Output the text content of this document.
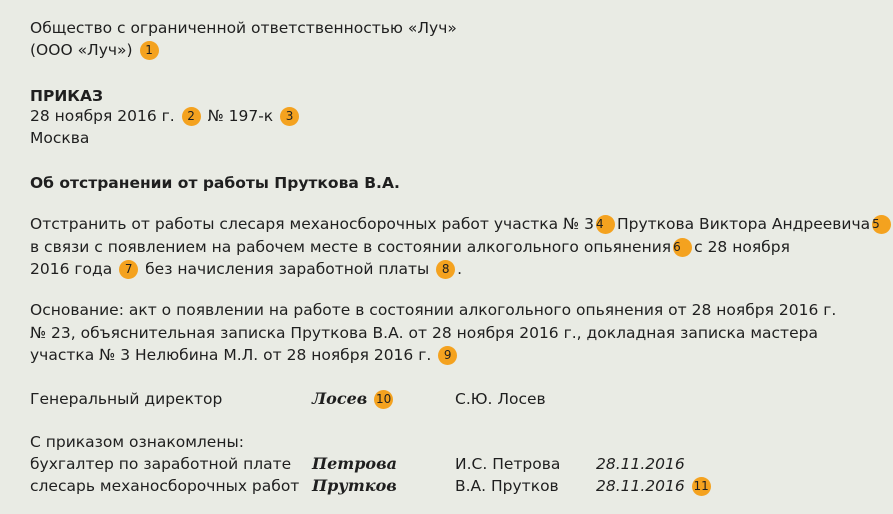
Общество с ограниченной ответственностью «Луч»
(ООО «Луч») 1
ПРИКАЗ
28 ноября 2016 г. 2 № 197-к 3
Москва
Об отстранении от работы Пруткова В.А.
Отстранить от работы слесаря механосборочных работ участка № 3 4 Пруткова Виктора Андреевича 5
в связи с появлением на рабочем месте в состоянии алкогольного опьянения 6 с 28 ноября
2016 года 7 без начисления заработной платы 8 .
Основание: акт о появлении на работе в состоянии алкогольного опьянения от 28 ноября 2016 г.
№ 23, объяснительная записка Пруткова В.А. от 28 ноября 2016 г., докладная записка мастера
участка № 3 Нелюбина М.Л. от 28 ноября 2016 г. 9
Генеральный директор	Лосев 10	С.Ю. Лосев
С приказом ознакомлены:
бухгалтер по заработной плате Петрова	И.С. Петрова 28.11.2016
слесарь механосборочных работ Прутков	В.А. Прутков 28.11.2016 11
